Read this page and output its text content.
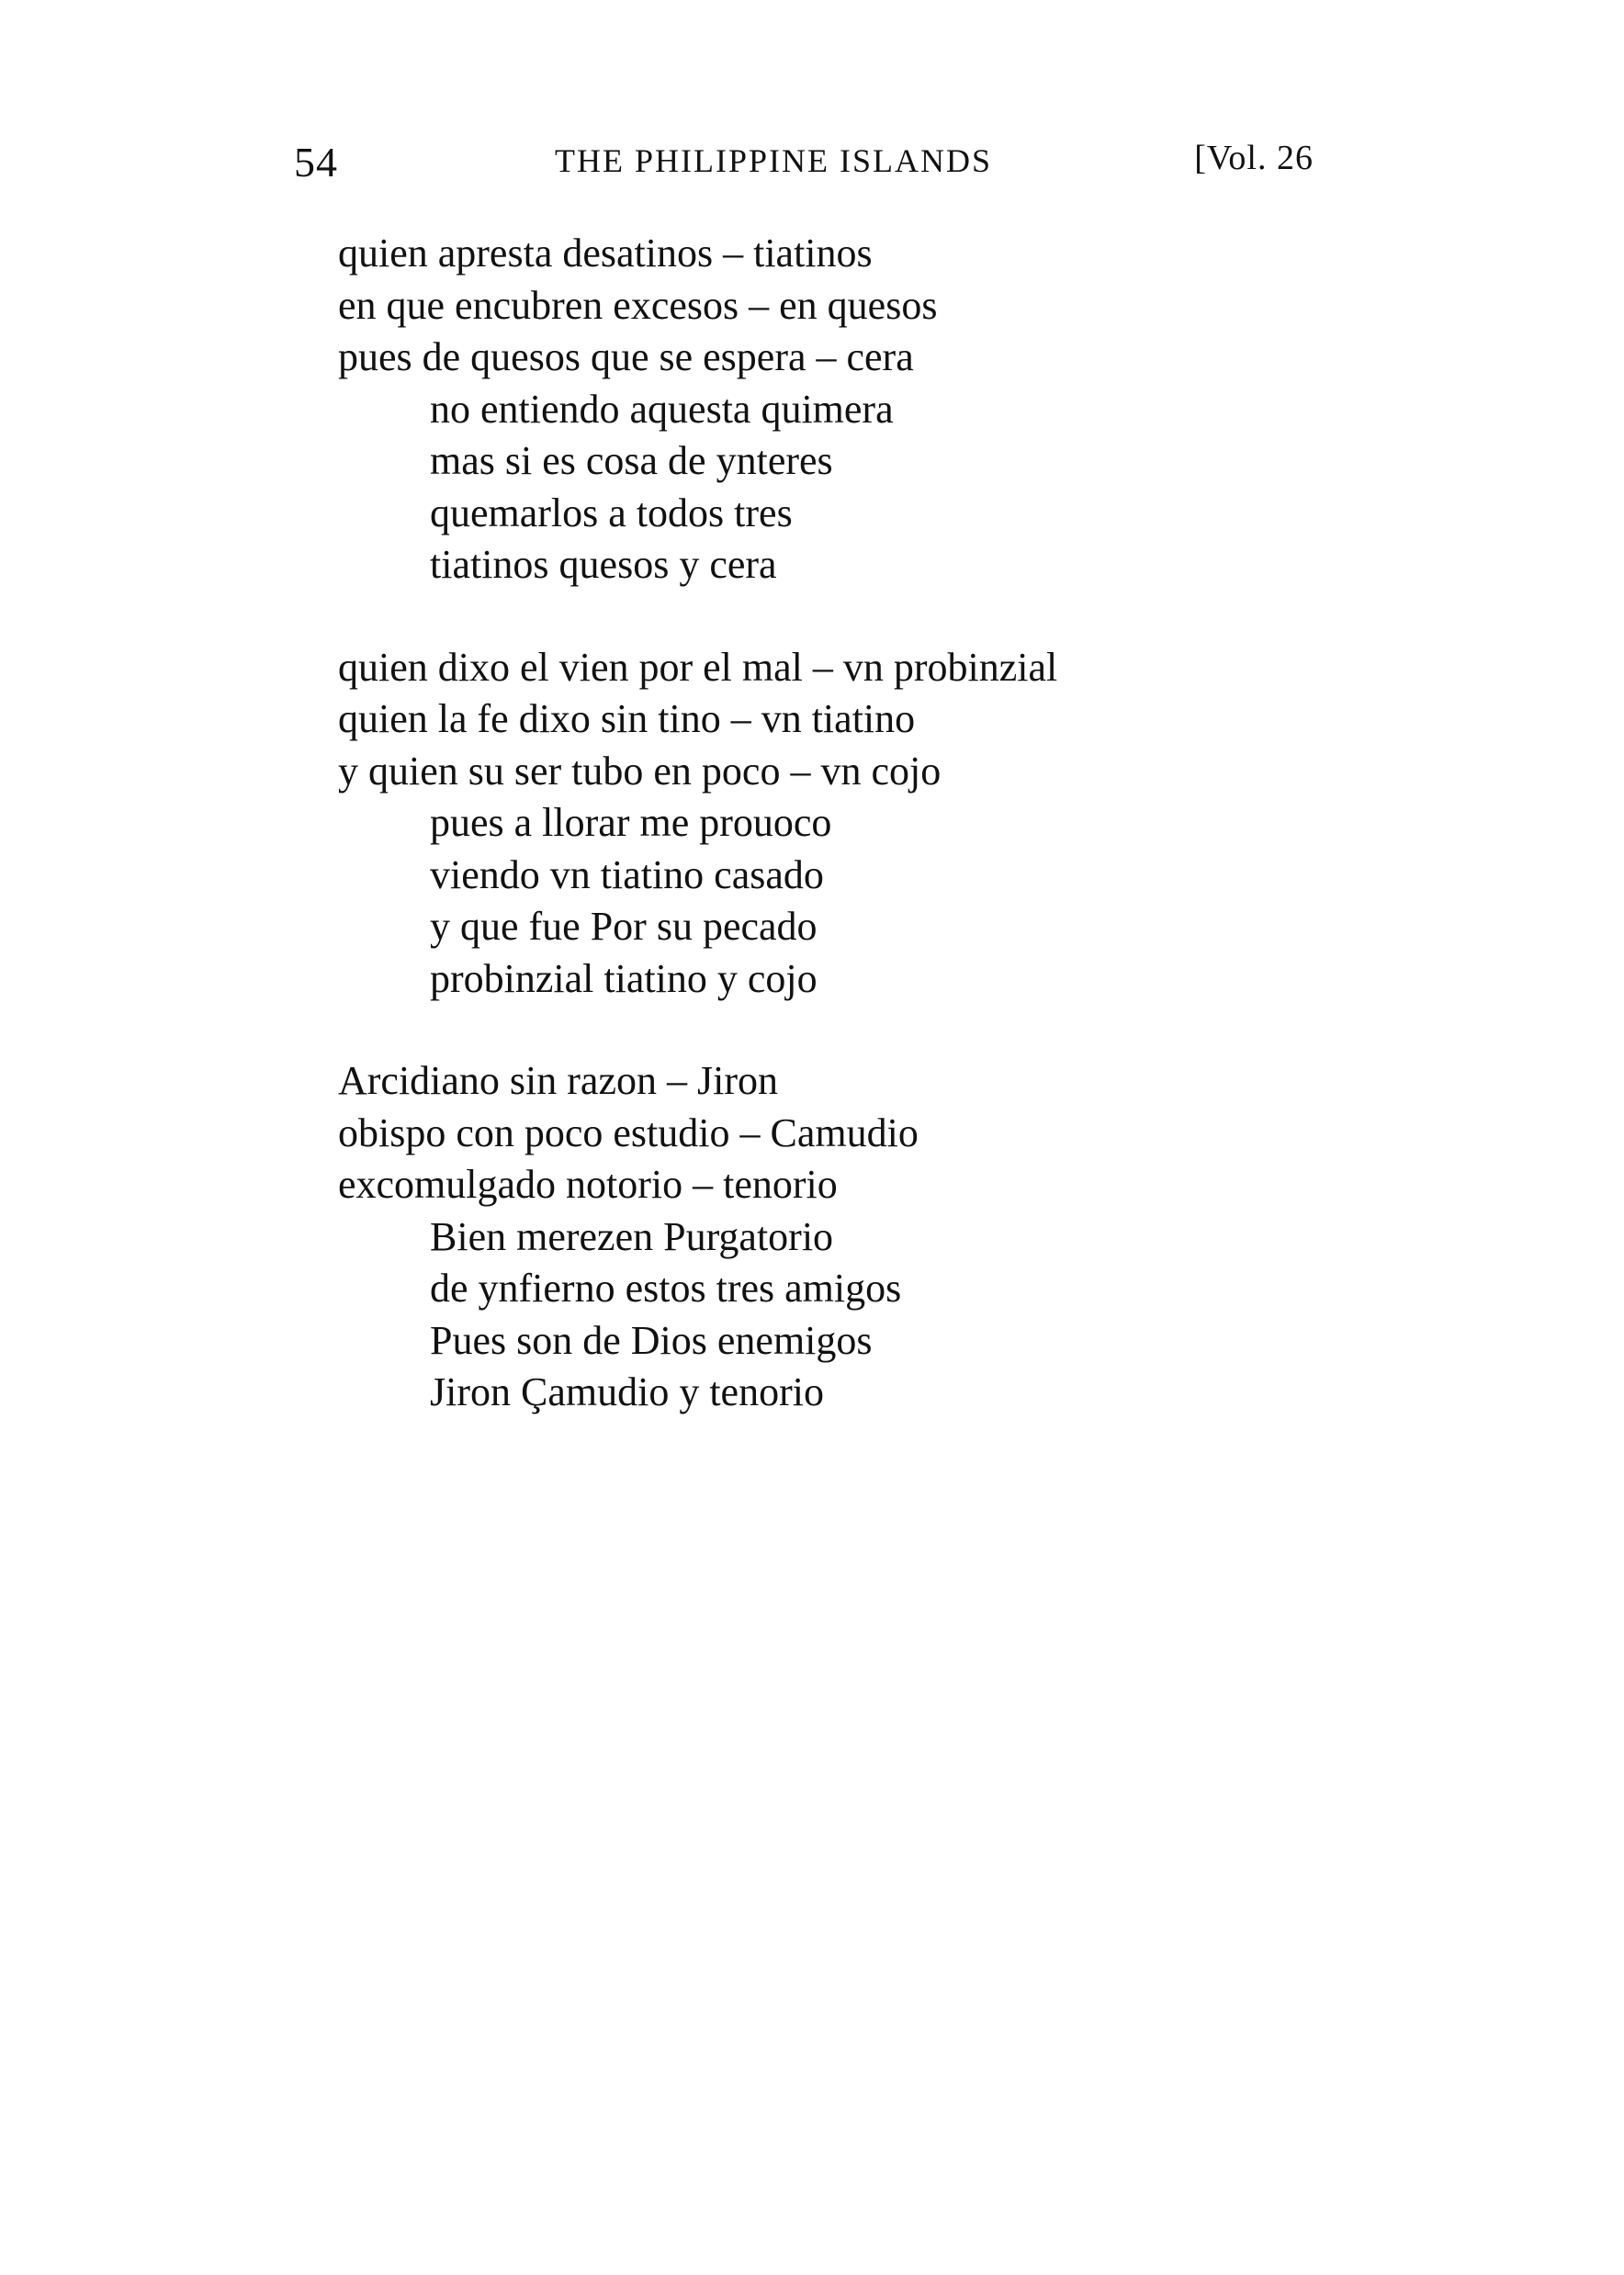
54	THE PHILIPPINE ISLANDS	[Vol. 26
quien apresta desatinos – tiatinos
en que encubren excesos – en quesos
pues de quesos que se espera – cera
no entiendo aquesta quimera
mas si es cosa de ynteres
quemarlos a todos tres
tiatinos quesos y cera
quien dixo el vien por el mal – vn probinzial
quien la fe dixo sin tino – vn tiatino
y quien su ser tubo en poco – vn cojo
pues a llorar me prouoco
viendo vn tiatino casado
y que fue Por su pecado
probinzial tiatino y cojo
Arcidiano sin razon – Jiron
obispo con poco estudio – Camudio
excomulgado notorio – tenorio
Bien merezen Purgatorio
de ynfierno estos tres amigos
Pues son de Dios enemigos
Jiron Çamudio y tenorio
